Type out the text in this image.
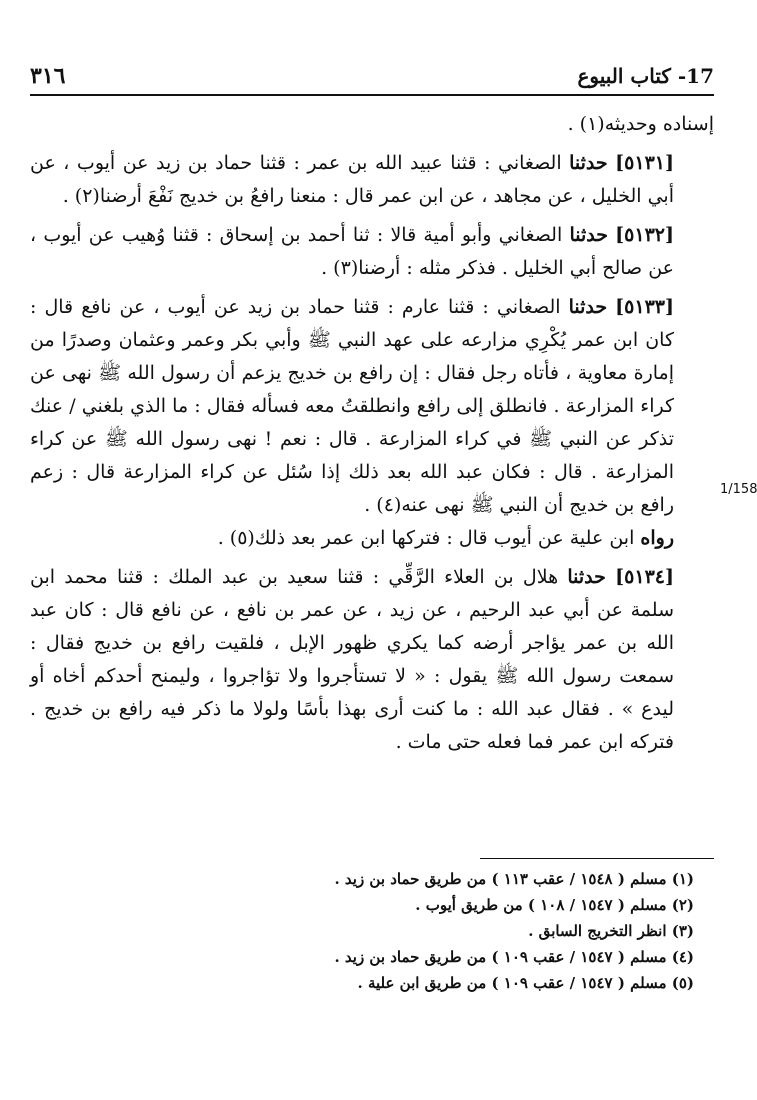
٣١٦	17- كتاب البيوع

إسناده وحديثه(١) .

[٥١٣١] حدثنا الصغاني : قثنا عبيد الله بن عمر : قثنا حماد بن زيد عن أيوب ، عن أبي الخليل ، عن مجاهد ، عن ابن عمر قال : منعنا رافعُ بن خديج نَفْعَ أرضنا(٢) .

[٥١٣٢] حدثنا الصغاني وأبو أمية قالا : ثنا أحمد بن إسحاق : قثنا وُهيب عن أيوب ، عن صالح أبي الخليل . فذكر مثله : أرضنا(٣) .

[٥١٣٣] حدثنا الصغاني : قثنا عارم : قثنا حماد بن زيد عن أيوب ، عن نافع قال : كان ابن عمر يُكْرِي مزارعه على عهد النبي ﷺ وأبي بكر وعمر وعثمان وصدرًا من إمارة معاوية ، فأتاه رجل فقال : إن رافع بن خديج يزعم أن رسول الله ﷺ نهى عن كراء المزارعة . فانطلق إلى رافع وانطلقتُ معه فسأله فقال : ما الذي بلغني / عنك تذكر عن النبي ﷺ في كراء المزارعة . قال : نعم ! نهى رسول الله ﷺ عن كراء المزارعة . قال : فكان عبد الله بعد ذلك إذا سُئل عن كراء المزارعة قال : زعم رافع بن خديج أن النبي ﷺ نهى عنه(٤) .

رواه ابن علية عن أيوب قال : فتركها ابن عمر بعد ذلك(٥) .

[٥١٣٤] حدثنا هلال بن العلاء الرَّقِّي : قثنا سعيد بن عبد الملك : قثنا محمد ابن سلمة عن أبي عبد الرحيم ، عن زيد ، عن عمر بن نافع ، عن نافع قال : كان عبد الله بن عمر يؤاجر أرضه كما يكري ظهور الإبل ، فلقيت رافع بن خديج فقال : سمعت رسول الله ﷺ يقول : « لا تستأجروا ولا تؤاجروا ، وليمنح أحدكم أخاه أو ليدع » . فقال عبد الله : ما كنت أرى بهذا بأسًا ولولا ما ذكر فيه رافع بن خديج . فتركه ابن عمر فما فعله حتى مات .

1/158
(١) مسلم ( ١٥٤٨ / عقب ١١٣ ) من طريق حماد بن زيد .
(٢) مسلم ( ١٥٤٧ / ١٠٨ ) من طريق أيوب .
(٣) انظر التخريج السابق .
(٤) مسلم ( ١٥٤٧ / عقب ١٠٩ ) من طريق حماد بن زيد .
(٥) مسلم ( ١٥٤٧ / عقب ١٠٩ ) من طريق ابن علية .
